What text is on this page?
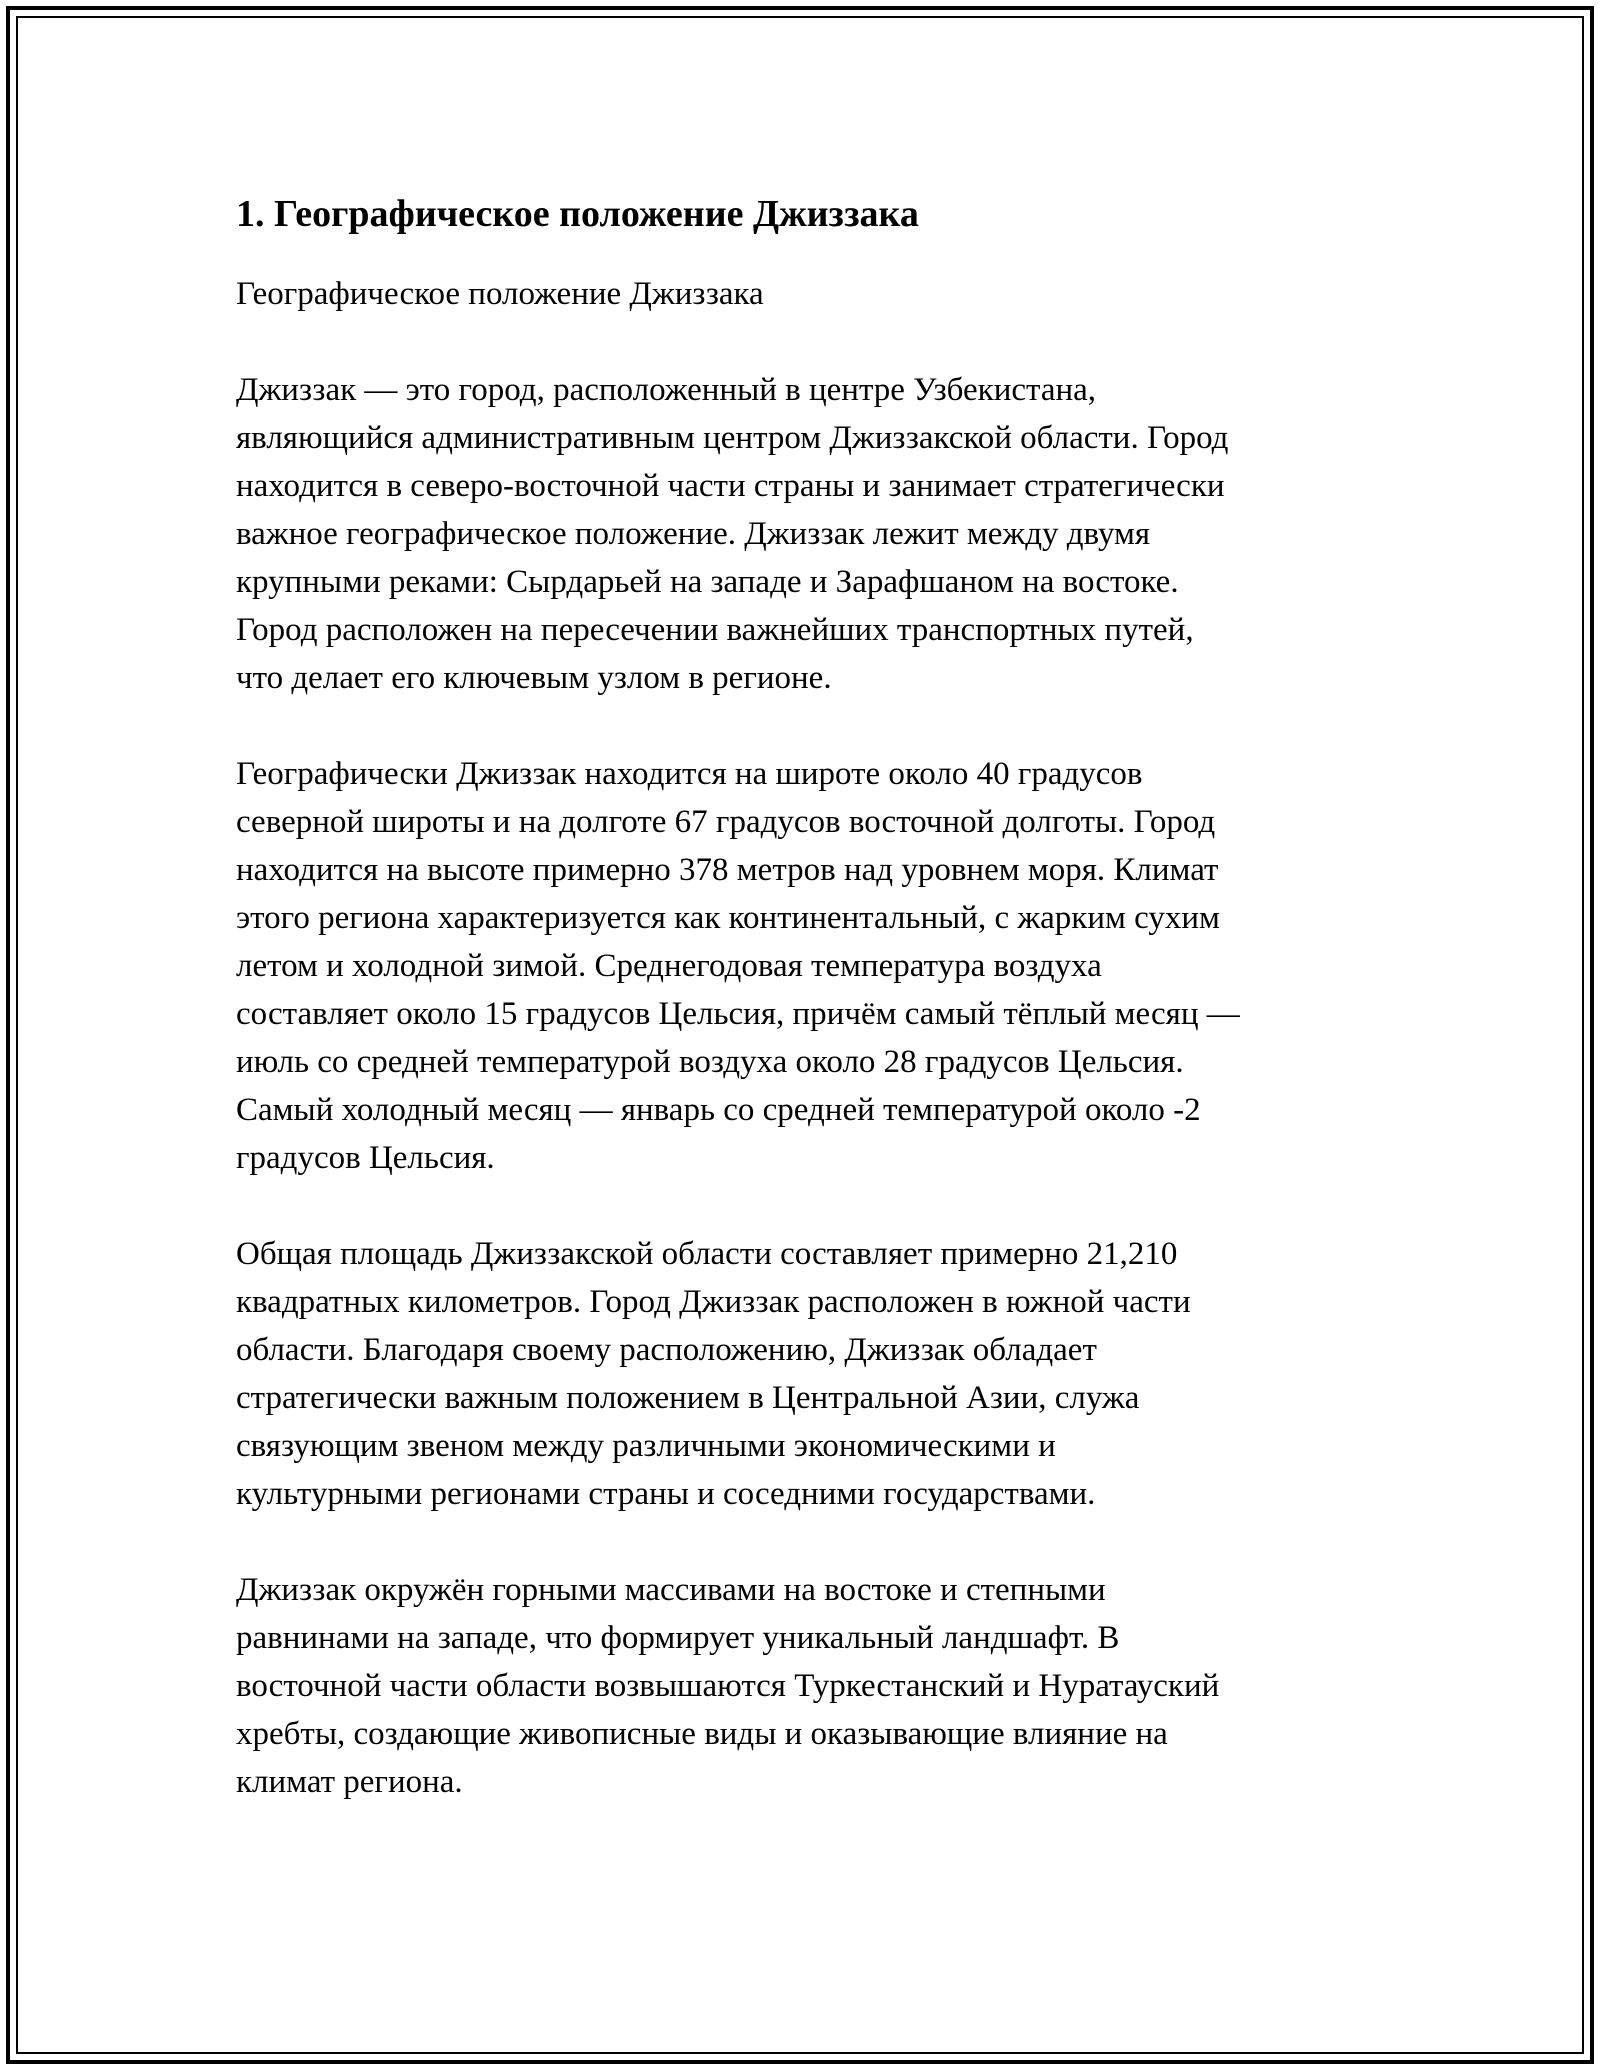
1. Географическое положение Джиззака
Географическое положение Джиззака
Джиззак — это город, расположенный в центре Узбекистана,
являющийся административным центром Джиззакской области. Город
находится в северо-восточной части страны и занимает стратегически
важное географическое положение. Джиззак лежит между двумя
крупными реками: Сырдарьей на западе и Зарафшаном на востоке.
Город расположен на пересечении важнейших транспортных путей,
что делает его ключевым узлом в регионе.
Географически Джиззак находится на широте около 40 градусов
северной широты и на долготе 67 градусов восточной долготы. Город
находится на высоте примерно 378 метров над уровнем моря. Климат
этого региона характеризуется как континентальный, с жарким сухим
летом и холодной зимой. Среднегодовая температура воздуха
составляет около 15 градусов Цельсия, причём самый тёплый месяц —
июль со средней температурой воздуха около 28 градусов Цельсия.
Самый холодный месяц — январь со средней температурой около -2
градусов Цельсия.
Общая площадь Джиззакской области составляет примерно 21,210
квадратных километров. Город Джиззак расположен в южной части
области. Благодаря своему расположению, Джиззак обладает
стратегически важным положением в Центральной Азии, служа
связующим звеном между различными экономическими и
культурными регионами страны и соседними государствами.
Джиззак окружён горными массивами на востоке и степными
равнинами на западе, что формирует уникальный ландшафт. В
восточной части области возвышаются Туркестанский и Нуратауский
хребты, создающие живописные виды и оказывающие влияние на
климат региона.
